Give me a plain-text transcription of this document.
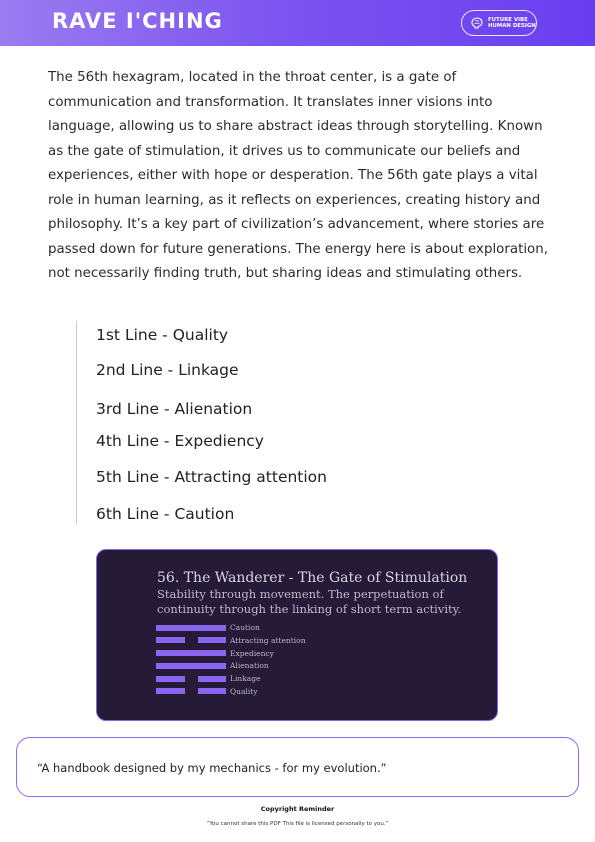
RAVE I'CHING	FUTURE VIBE
HUMAN DESIGN

The 56th hexagram, located in the throat center, is a gate of communication and transformation. It translates inner visions into language, allowing us to share abstract ideas through storytelling. Known as the gate of stimulation, it drives us to communicate our beliefs and experiences, either with hope or desperation. The 56th gate plays a vital role in human learning, as it reflects on experiences, creating history and philosophy. It’s a key part of civilization’s advancement, where stories are passed down for future generations. The energy here is about exploration, not necessarily finding truth, but sharing ideas and stimulating others.

1st Line - Quality
2nd Line - Linkage
3rd Line - Alienation
4th Line - Expediency
5th Line - Attracting attention
6th Line - Caution
56. The Wanderer - The Gate of Stimulation
Stability through movement. The perpetuation of continuity through the linking of short term activity.
Caution
Attracting attention
Expediency
Alienation
Linkage
Quality
“A handbook designed by my mechanics - for my evolution.”
Copyright Reminder
“You cannot share this PDF This file is licensed personally to you.”
